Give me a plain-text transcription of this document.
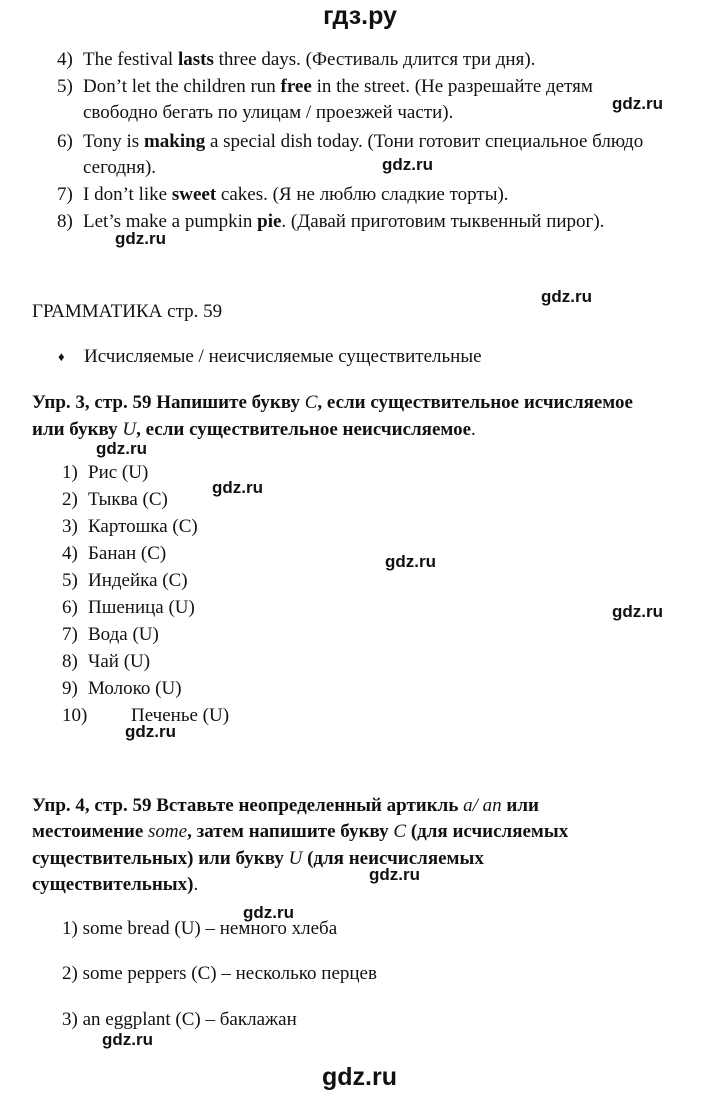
гдз.ру
4) The festival lasts three days. (Фестиваль длится три дня).
5) Don’t let the children run free in the street. (Не разрешайте детям
свободно бегать по улицам / проезжей части).
6) Tony is making a special dish today. (Тони готовит специальное блюдо
сегодня).
7) I don’t like sweet cakes. (Я не люблю сладкие торты).
8) Let’s make a pumpkin pie. (Давай приготовим тыквенный пирог).
ГРАММАТИКА стр. 59
♦ Исчисляемые / неисчисляемые существительные
Упр. 3, стр. 59 Напишите букву C, если существительное исчисляемое
или букву U, если существительное неисчисляемое.
1) Рис (U)
2) Тыква (C)
3) Картошка (C)
4) Банан (C)
5) Индейка (C)
6) Пшеница (U)
7) Вода (U)
8) Чай (U)
9) Молоко (U)
10) Печенье (U)
Упр. 4, стр. 59 Вставьте неопределенный артикль a/ an или
местоимение some, затем напишите букву C (для исчисляемых
существительных) или букву U (для неисчисляемых
существительных).
1) some bread (U) – немного хлеба
2) some peppers (C) – несколько перцев
3) an eggplant (C) – баклажан
gdz.ru
gdz.ru
gdz.ru
gdz.ru
gdz.ru
gdz.ru
gdz.ru
gdz.ru
gdz.ru
gdz.ru
gdz.ru
gdz.ru
gdz.ru
